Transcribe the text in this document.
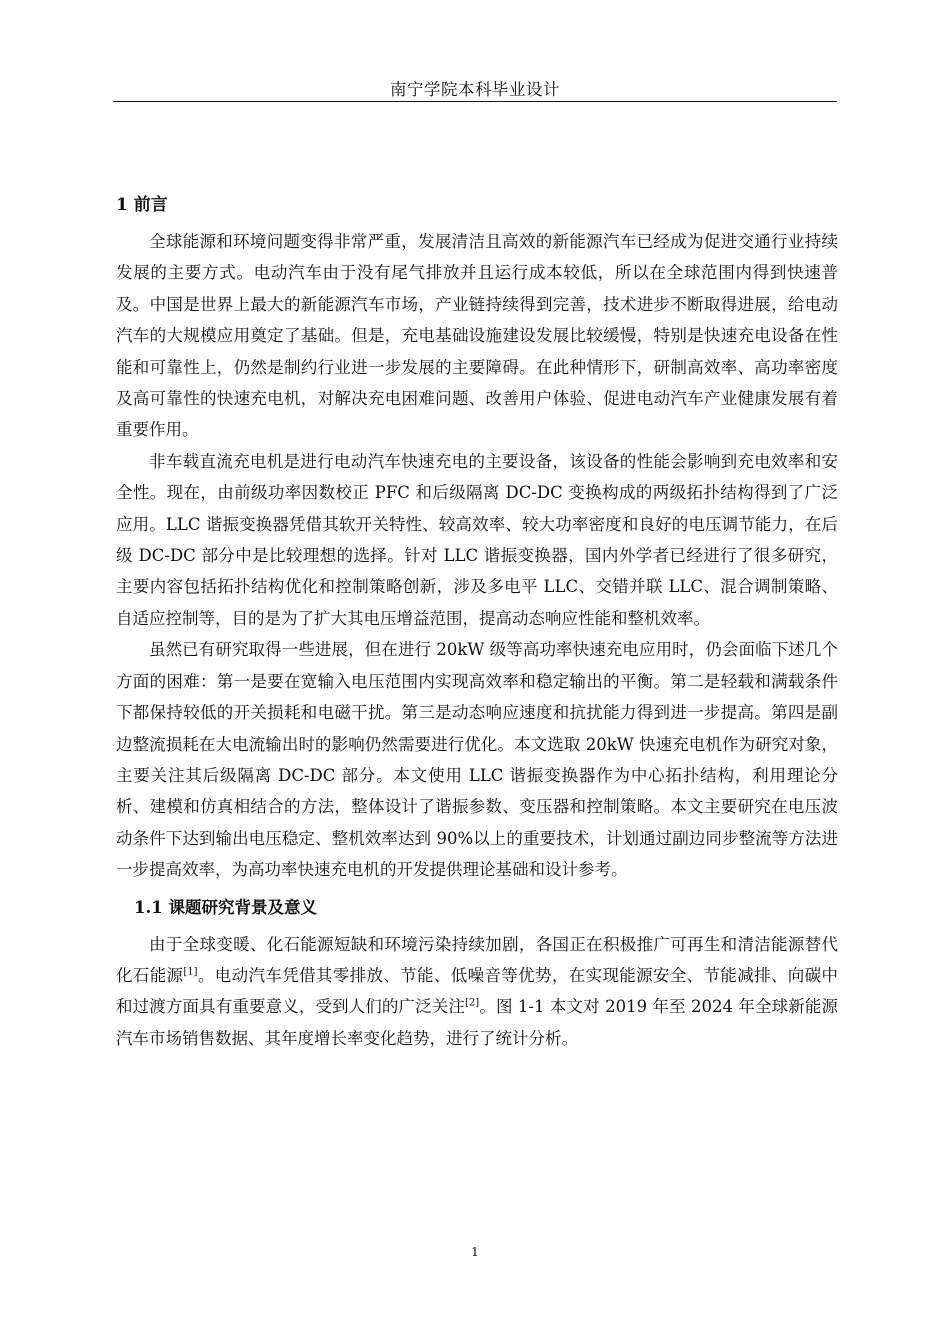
南宁学院本科毕业设计
1 前言

全球能源和环境问题变得非常严重，发展清洁且高效的新能源汽车已经成为促进交通行业持续发展的主要方式。电动汽车由于没有尾气排放并且运行成本较低，所以在全球范围内得到快速普及。中国是世界上最大的新能源汽车市场，产业链持续得到完善，技术进步不断取得进展，给电动汽车的大规模应用奠定了基础。但是，充电基础设施建设发展比较缓慢，特别是快速充电设备在性能和可靠性上，仍然是制约行业进一步发展的主要障碍。在此种情形下，研制高效率、高功率密度及高可靠性的快速充电机，对解决充电困难问题、改善用户体验、促进电动汽车产业健康发展有着重要作用。

非车载直流充电机是进行电动汽车快速充电的主要设备，该设备的性能会影响到充电效率和安全性。现在，由前级功率因数校正 PFC 和后级隔离 DC-DC 变换构成的两级拓扑结构得到了广泛应用。LLC 谐振变换器凭借其软开关特性、较高效率、较大功率密度和良好的电压调节能力，在后级 DC-DC 部分中是比较理想的选择。针对 LLC 谐振变换器，国内外学者已经进行了很多研究，主要内容包括拓扑结构优化和控制策略创新，涉及多电平 LLC、交错并联 LLC、混合调制策略、自适应控制等，目的是为了扩大其电压增益范围，提高动态响应性能和整机效率。

虽然已有研究取得一些进展，但在进行 20kW 级等高功率快速充电应用时，仍会面临下述几个方面的困难：第一是要在宽输入电压范围内实现高效率和稳定输出的平衡。第二是轻载和满载条件下都保持较低的开关损耗和电磁干扰。第三是动态响应速度和抗扰能力得到进一步提高。第四是副边整流损耗在大电流输出时的影响仍然需要进行优化。本文选取 20kW 快速充电机作为研究对象，主要关注其后级隔离 DC-DC 部分。本文使用 LLC 谐振变换器作为中心拓扑结构，利用理论分析、建模和仿真相结合的方法，整体设计了谐振参数、变压器和控制策略。本文主要研究在电压波动条件下达到输出电压稳定、整机效率达到 90%以上的重要技术，计划通过副边同步整流等方法进一步提高效率，为高功率快速充电机的开发提供理论基础和设计参考。

1.1 课题研究背景及意义

由于全球变暖、化石能源短缺和环境污染持续加剧，各国正在积极推广可再生和清洁能源替代化石能源[1]。电动汽车凭借其零排放、节能、低噪音等优势，在实现能源安全、节能减排、向碳中和过渡方面具有重要意义，受到人们的广泛关注[2]。图 1-1 本文对 2019 年至 2024 年全球新能源汽车市场销售数据、其年度增长率变化趋势，进行了统计分析。

1
